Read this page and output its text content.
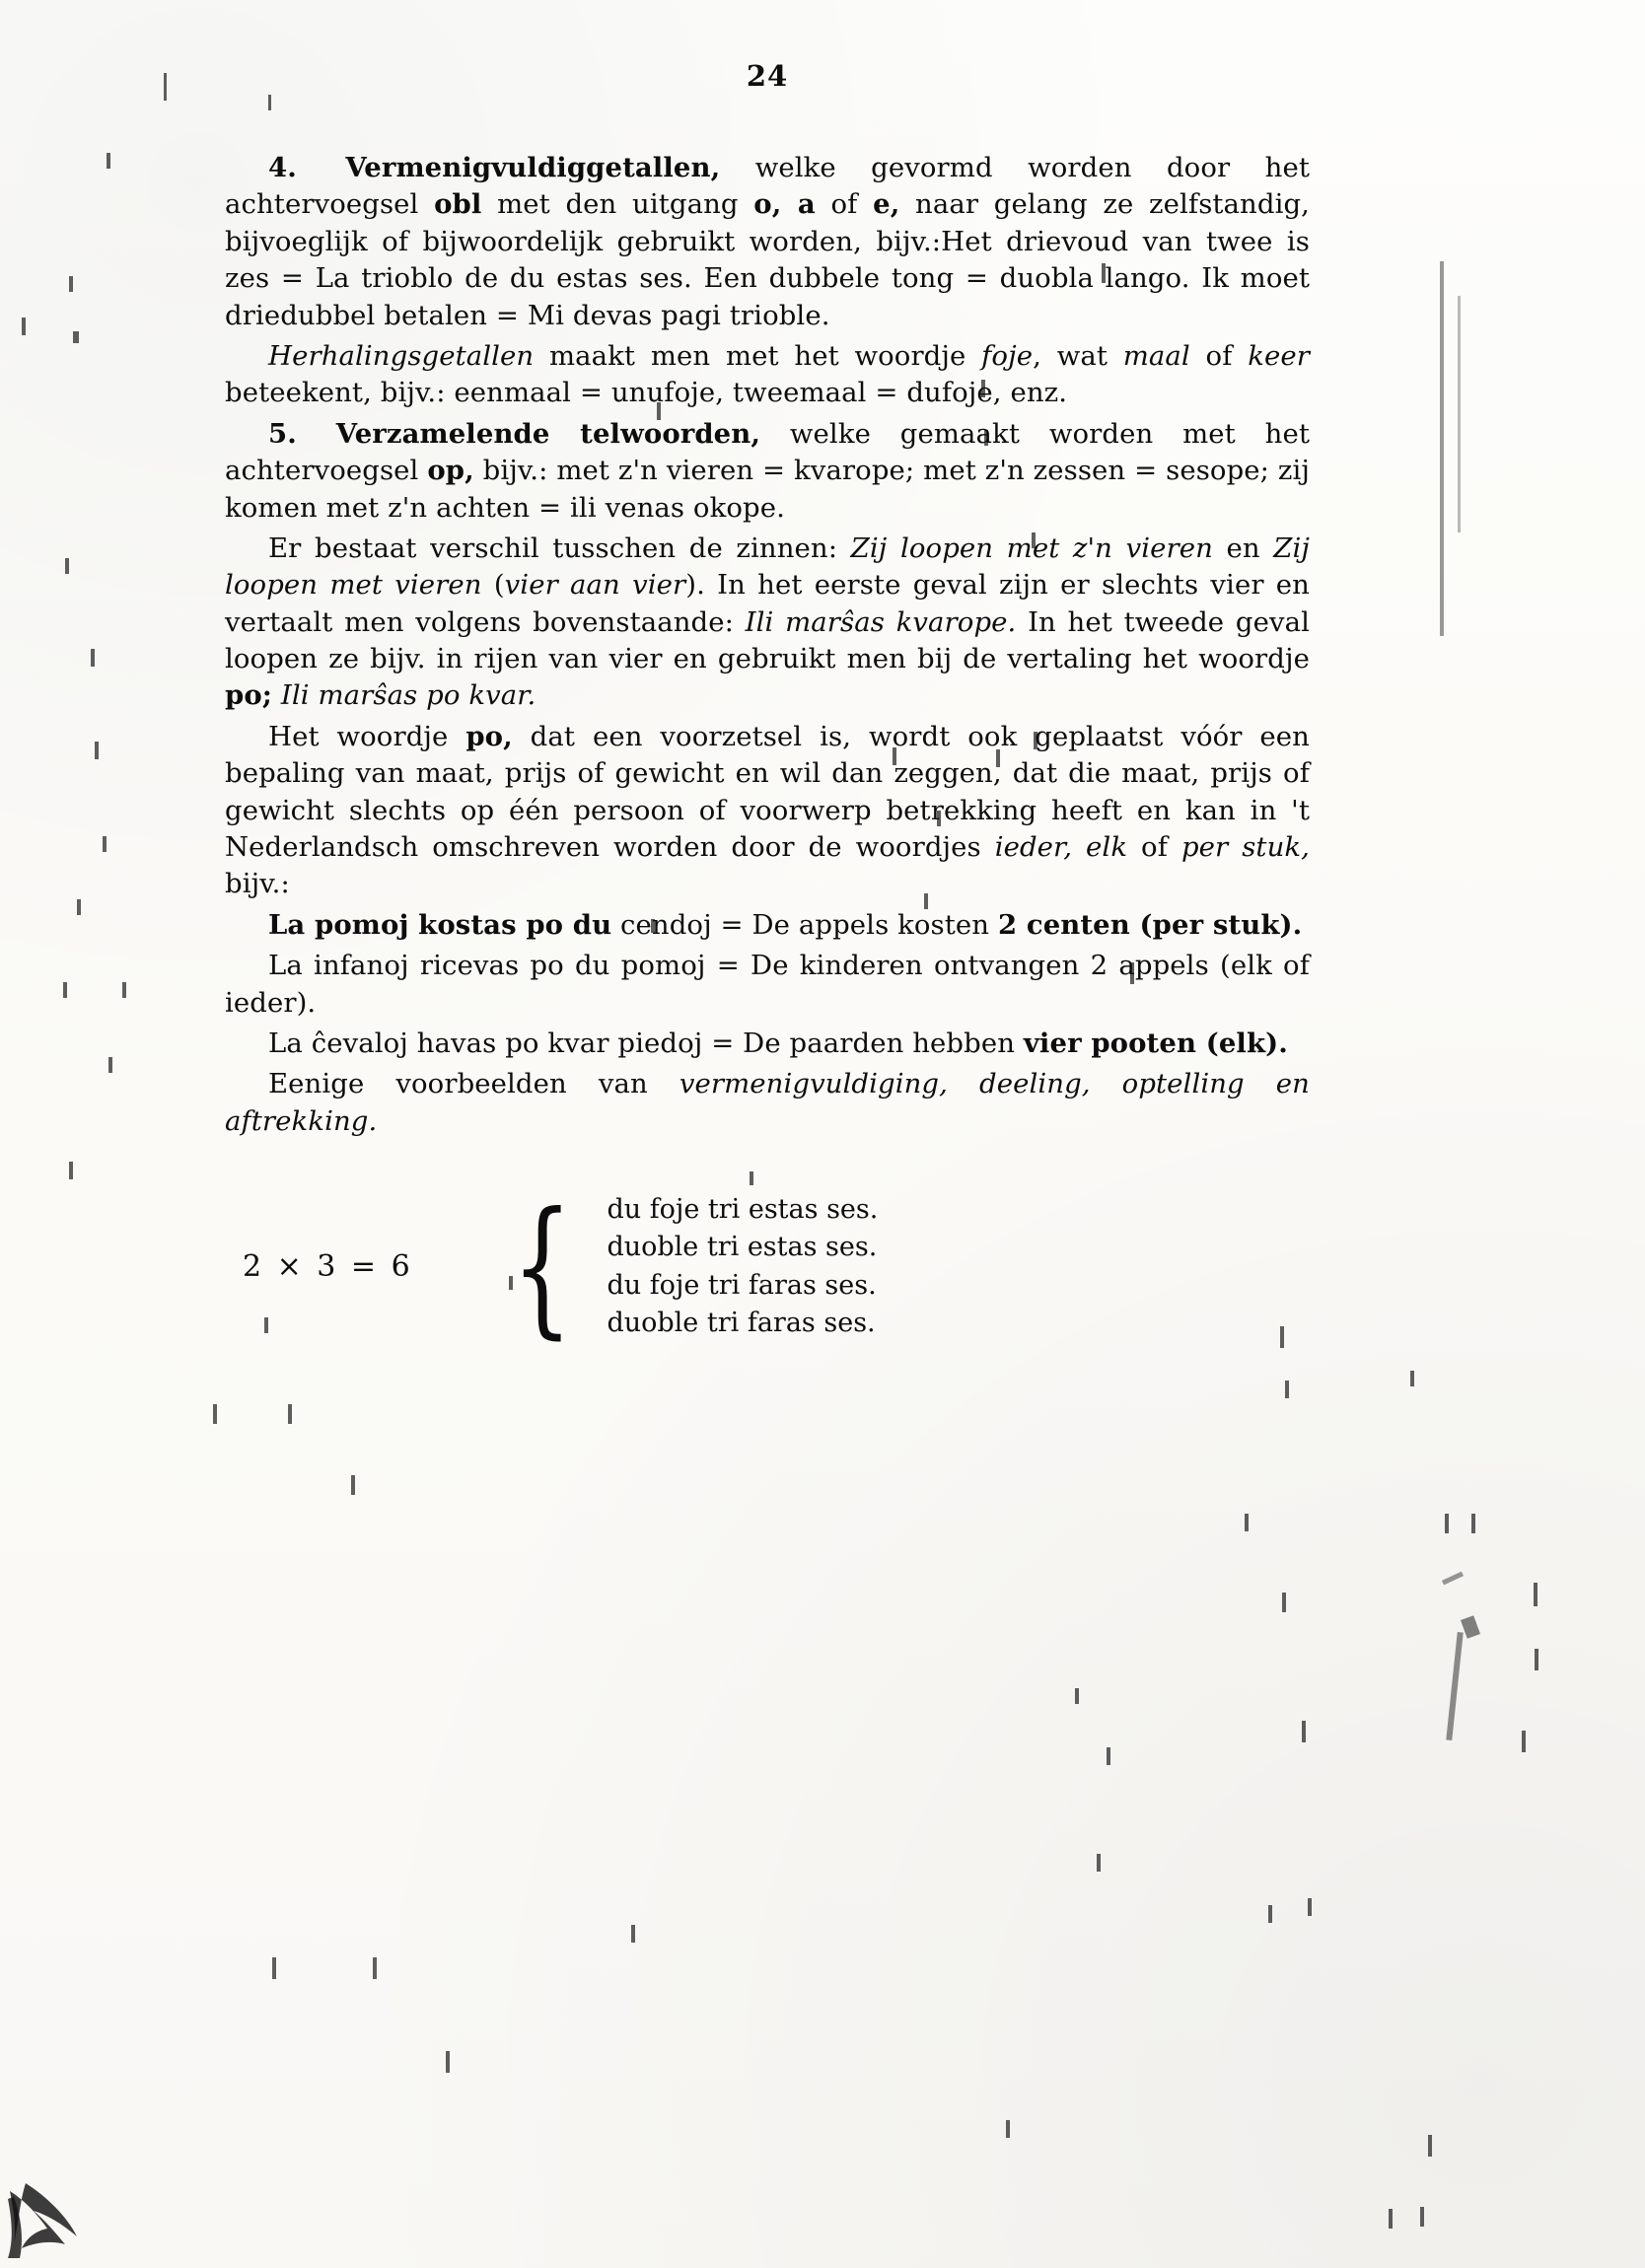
24

4. Vermenigvuldiggetallen, welke gevormd worden door het achtervoegsel obl met den uitgang o, a of e, naar gelang ze zelfstandig, bijvoeglijk of bijwoordelijk gebruikt worden, bijv.:Het drievoud van twee is zes = La trioblo de du estas ses. Een dubbele tong = duobla lango. Ik moet driedubbel betalen = Mi devas pagi trioble.

Herhalingsgetallen maakt men met het woordje foje, wat maal of keer beteekent, bijv.: eenmaal = unufoje, tweemaal = dufoje, enz.

5. Verzamelende telwoorden, welke gemaakt worden met het achtervoegsel op, bijv.: met z'n vieren = kvarope; met z'n zessen = sesope; zij komen met z'n achten = ili venas okope.

Er bestaat verschil tusschen de zinnen: Zij loopen met z'n vieren en Zij loopen met vieren (vier aan vier). In het eerste geval zijn er slechts vier en vertaalt men volgens bovenstaande: Ili marŝas kvarope. In het tweede geval loopen ze bijv. in rijen van vier en gebruikt men bij de vertaling het woordje po; Ili marŝas po kvar.

Het woordje po, dat een voorzetsel is, wordt ook geplaatst vóór een bepaling van maat, prijs of gewicht en wil dan zeggen, dat die maat, prijs of gewicht slechts op één persoon of voorwerp betrekking heeft en kan in 't Nederlandsch omschreven worden door de woordjes ieder, elk of per stuk, bijv.:

La pomoj kostas po du cendoj = De appels kosten 2 centen (per stuk).

La infanoj ricevas po du pomoj = De kinderen ontvangen 2 appels (elk of ieder).

La ĉevaloj havas po kvar piedoj = De paarden hebben vier pooten (elk).

Eenige voorbeelden van vermenigvuldiging, deeling, optelling en aftrekking.

2 × 3 = 6 { du foje tri estas ses.
duoble tri estas ses.
du foje tri faras ses.
duoble tri faras ses.
